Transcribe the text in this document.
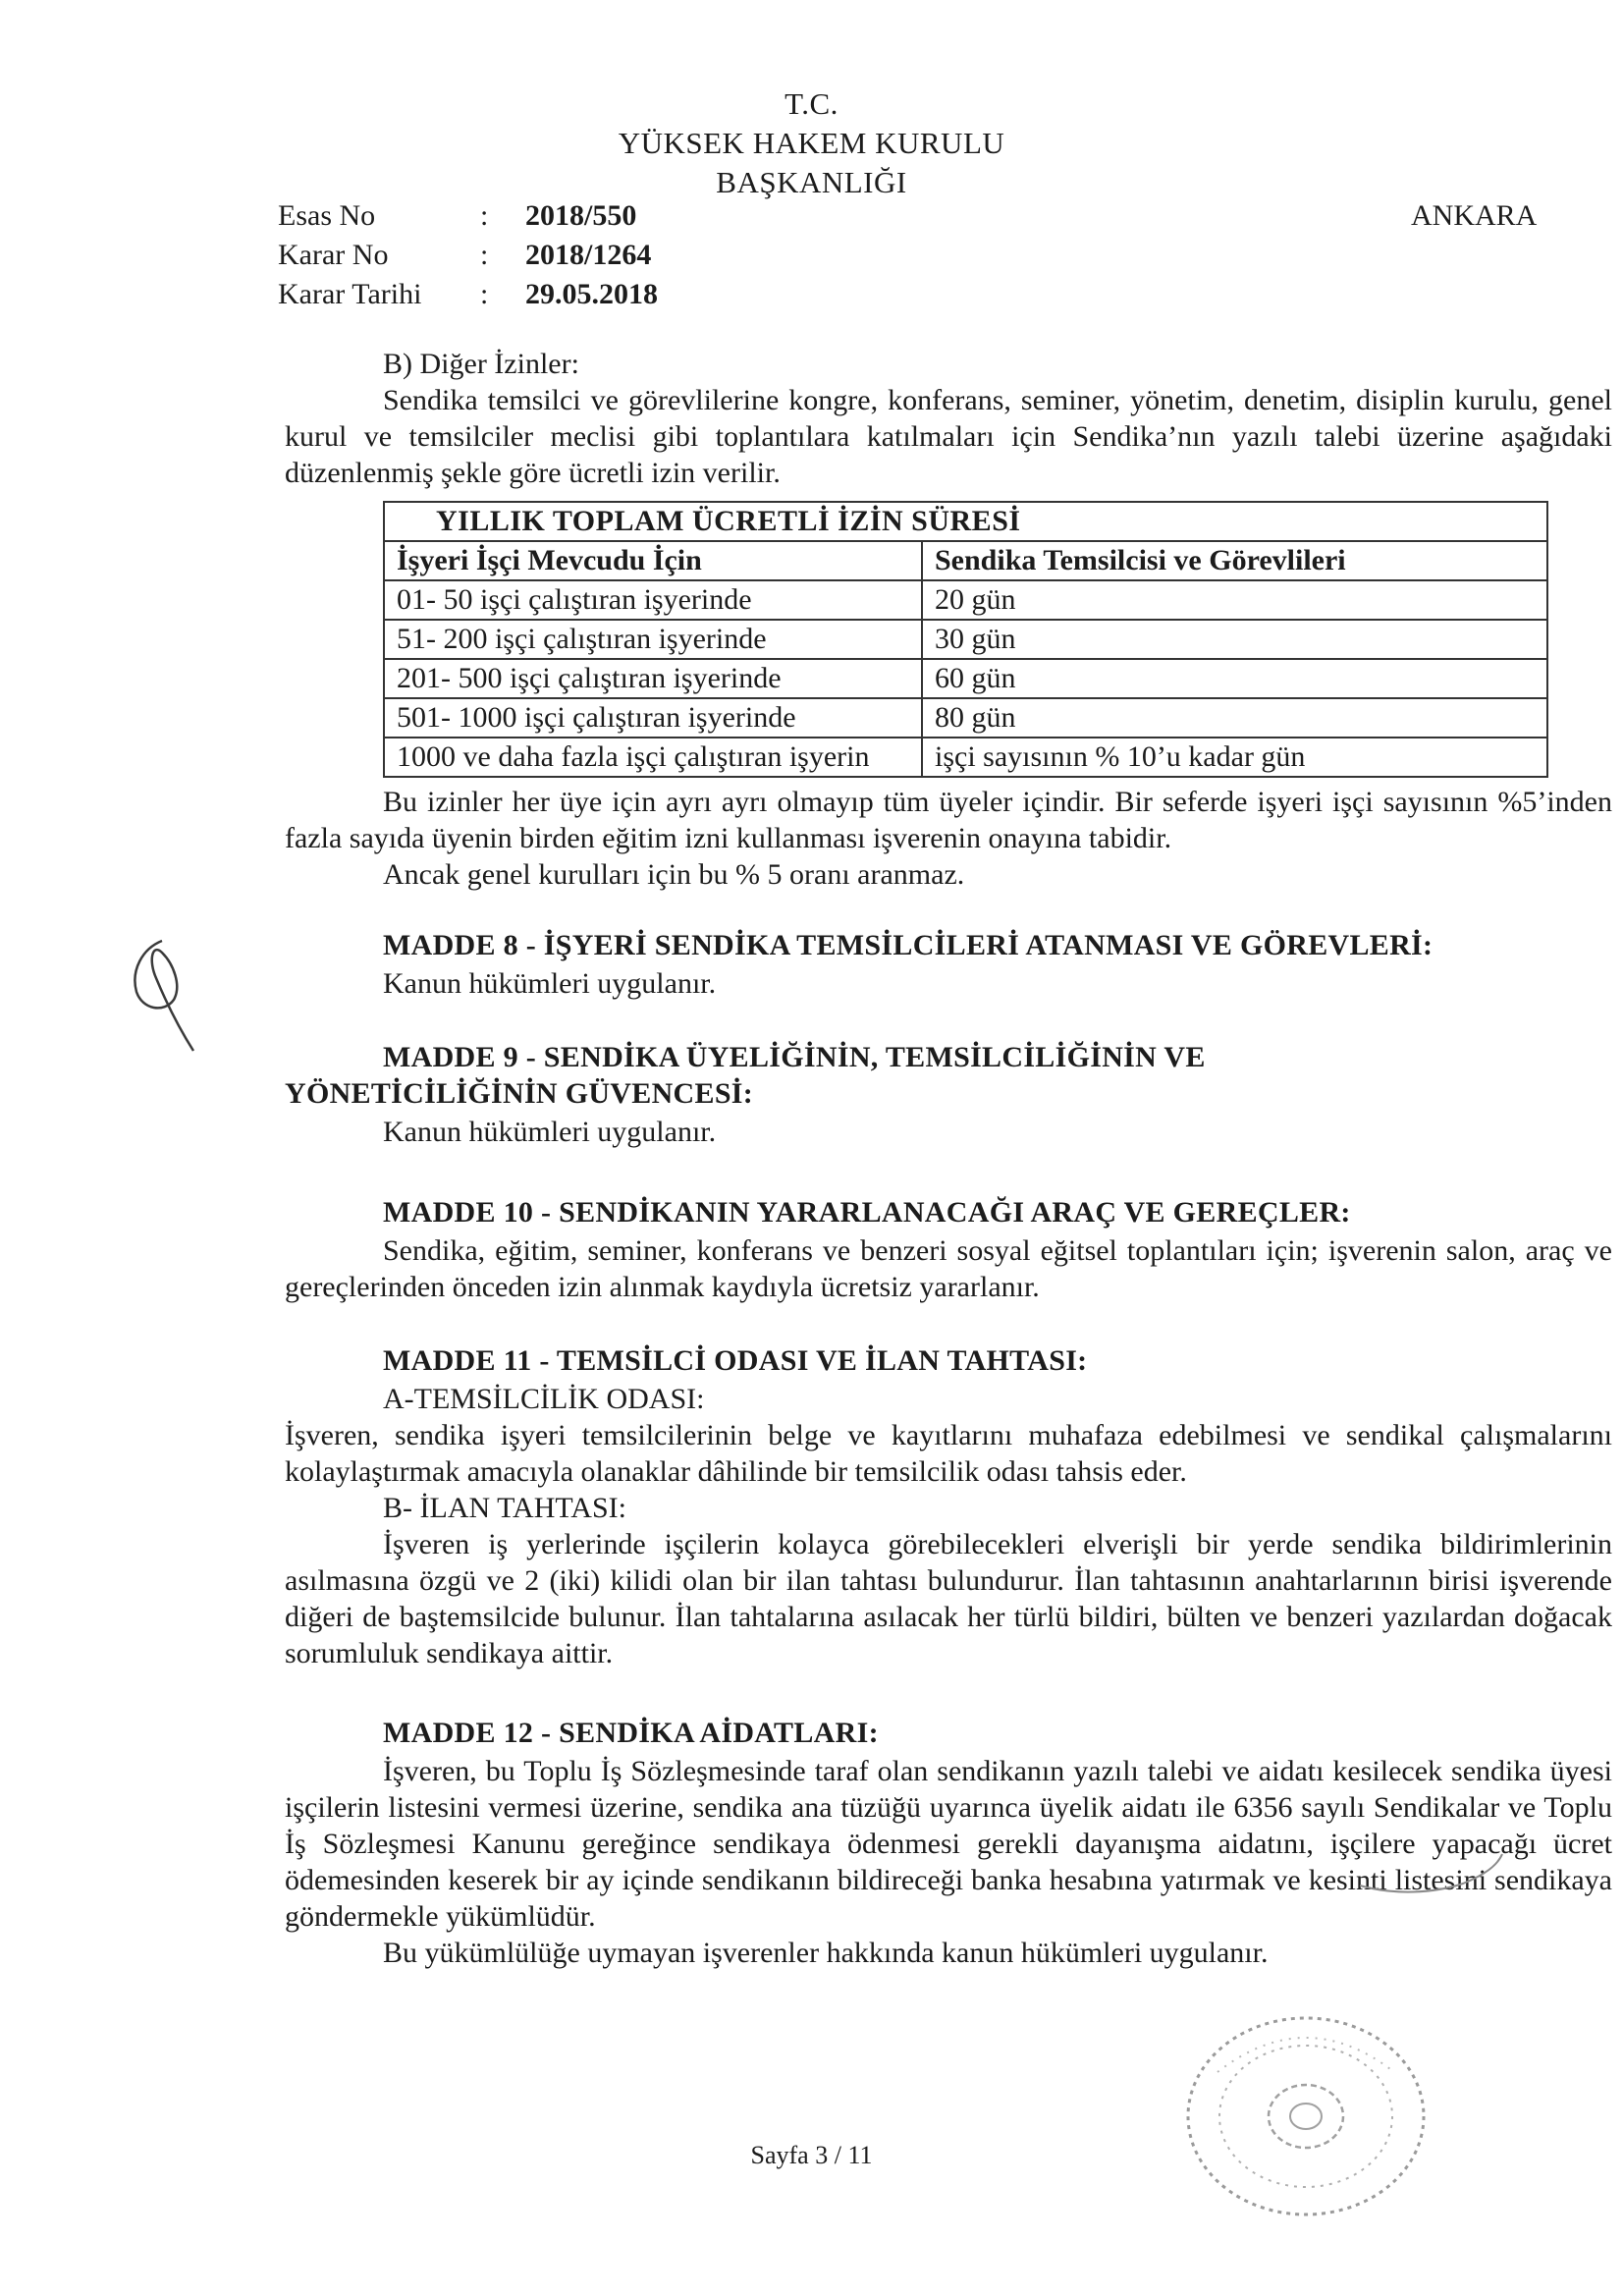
T.C.
YÜKSEK HAKEM KURULU
BAŞKANLIĞI
ANKARA
Esas No	: 2018/550
Karar No	: 2018/1264
Karar Tarihi : 29.05.2018
B) Diğer İzinler:
Sendika temsilci ve görevlilerine kongre, konferans, seminer, yönetim, denetim, disiplin kurulu, genel kurul ve temsilciler meclisi gibi toplantılara katılmaları için Sendika’nın yazılı talebi üzerine aşağıdaki düzenlenmiş şekle göre ücretli izin verilir.
YILLIK TOPLAM ÜCRETLİ İZİN SÜRESİ	
İşyeri İşçi Mevcudu İçin	Sendika Temsilcisi ve Görevlileri
01- 50 işçi çalıştıran işyerinde	20 gün
51- 200 işçi çalıştıran işyerinde	30 gün
201- 500 işçi çalıştıran işyerinde	60 gün
501- 1000 işçi çalıştıran işyerinde	80 gün
1000 ve daha fazla işçi çalıştıran işyerin	işçi sayısının % 10’u kadar gün
Bu izinler her üye için ayrı ayrı olmayıp tüm üyeler içindir. Bir seferde işyeri işçi sayısının %5’inden fazla sayıda üyenin birden eğitim izni kullanması işverenin onayına tabidir.
Ancak genel kurulları için bu % 5 oranı aranmaz.
MADDE 8 - İŞYERİ SENDİKA TEMSİLCİLERİ ATANMASI VE GÖREVLERİ:
Kanun hükümleri uygulanır.
MADDE 9 - SENDİKA ÜYELİĞİNİN, TEMSİLCİLİĞİNİN VE
YÖNETİCİLİĞİNİN GÜVENCESİ:
Kanun hükümleri uygulanır.
MADDE 10 - SENDİKANIN YARARLANACAĞI ARAÇ VE GEREÇLER:
Sendika, eğitim, seminer, konferans ve benzeri sosyal eğitsel toplantıları için; işverenin salon, araç ve gereçlerinden önceden izin alınmak kaydıyla ücretsiz yararlanır.
MADDE 11 - TEMSİLCİ ODASI VE İLAN TAHTASI:
A-TEMSİLCİLİK ODASI:
İşveren, sendika işyeri temsilcilerinin belge ve kayıtlarını muhafaza edebilmesi ve sendikal çalışmalarını kolaylaştırmak amacıyla olanaklar dâhilinde bir temsilcilik odası tahsis eder.
B- İLAN TAHTASI:
İşveren iş yerlerinde işçilerin kolayca görebilecekleri elverişli bir yerde sendika bildirimlerinin asılmasına özgü ve 2 (iki) kilidi olan bir ilan tahtası bulundurur. İlan tahtasının anahtarlarının birisi işverende diğeri de baştemsilcide bulunur. İlan tahtalarına asılacak her türlü bildiri, bülten ve benzeri yazılardan doğacak sorumluluk sendikaya aittir.
MADDE 12 - SENDİKA AİDATLARI:
İşveren, bu Toplu İş Sözleşmesinde taraf olan sendikanın yazılı talebi ve aidatı kesilecek sendika üyesi işçilerin listesini vermesi üzerine, sendika ana tüzüğü uyarınca üyelik aidatı ile 6356 sayılı Sendikalar ve Toplu İş Sözleşmesi Kanunu gereğince sendikaya ödenmesi gerekli dayanışma aidatını, işçilere yapacağı ücret ödemesinden keserek bir ay içinde sendikanın bildireceği banka hesabına yatırmak ve kesinti listesini sendikaya göndermekle yükümlüdür.
Bu yükümlülüğe uymayan işverenler hakkında kanun hükümleri uygulanır.
Sayfa 3 / 11
